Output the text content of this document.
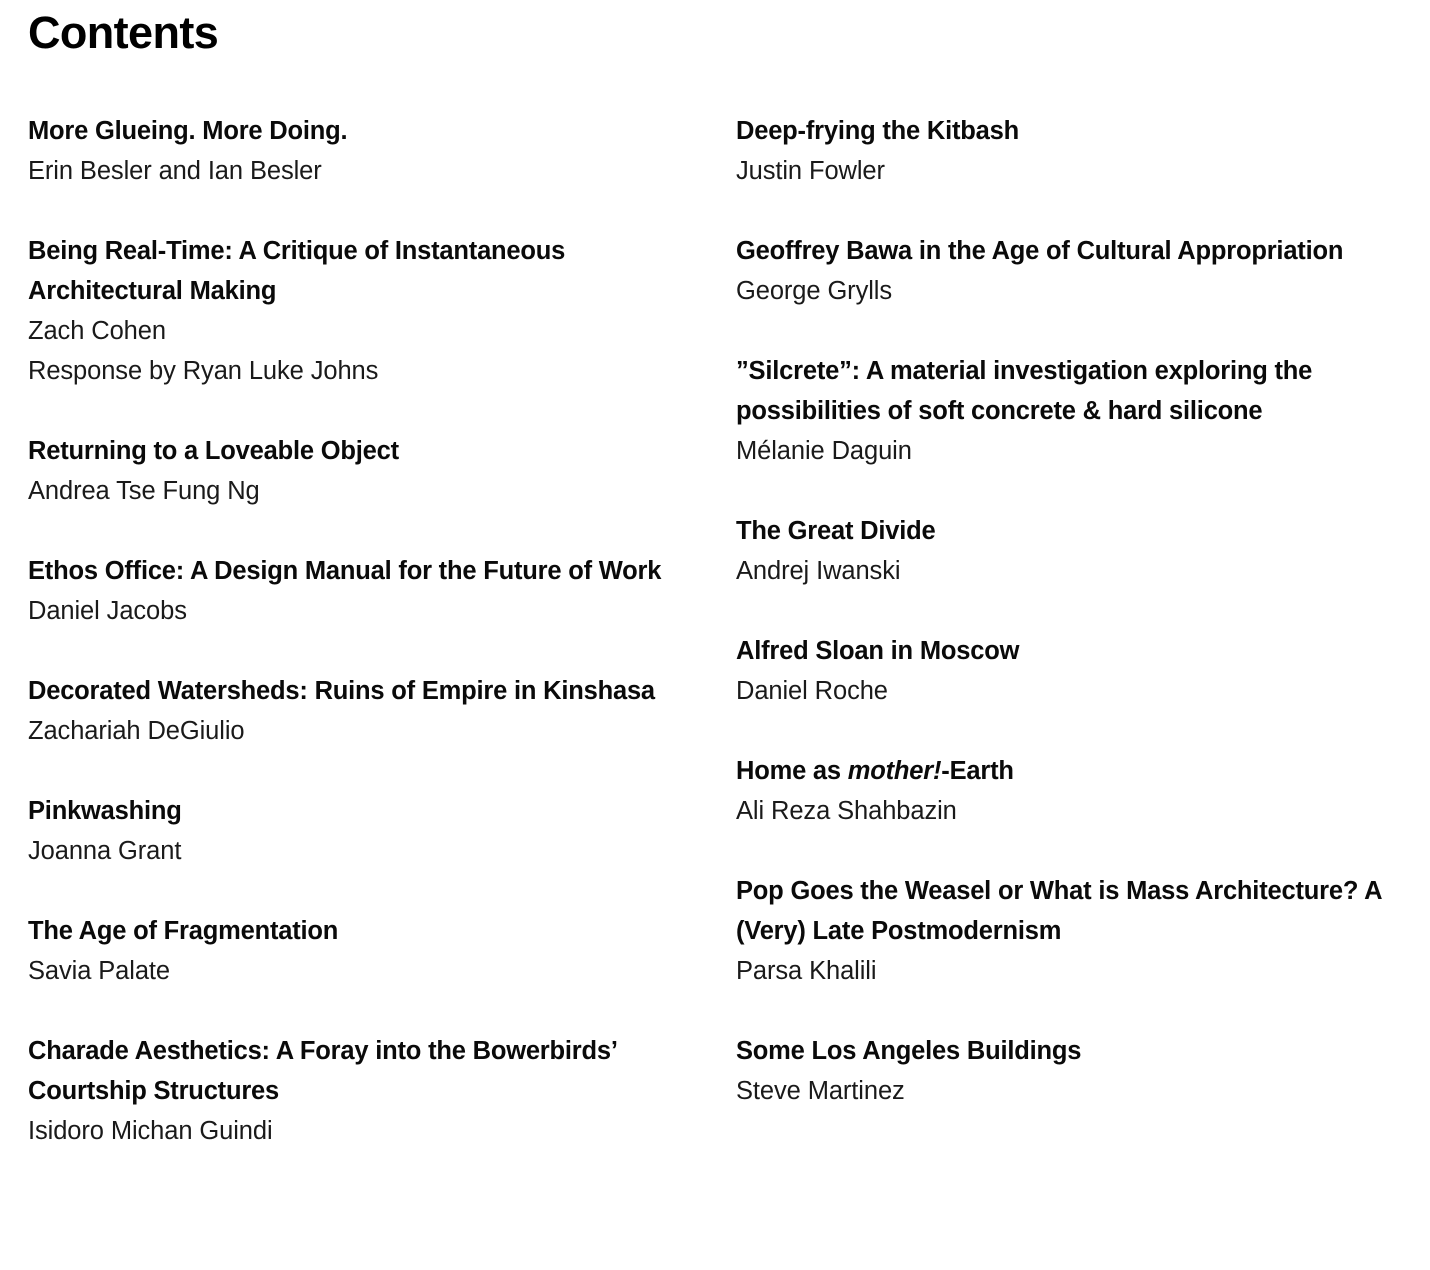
Contents
More Glueing. More Doing.
Erin Besler and Ian Besler
Being Real-Time: A Critique of Instantaneous Architectural Making
Zach Cohen
Response by Ryan Luke Johns
Returning to a Loveable Object
Andrea Tse Fung Ng
Ethos Office: A Design Manual for the Future of Work
Daniel Jacobs
Decorated Watersheds: Ruins of Empire in Kinshasa
Zachariah DeGiulio
Pinkwashing
Joanna Grant
The Age of Fragmentation
Savia Palate
Charade Aesthetics: A Foray into the Bowerbirds’ Courtship Structures
Isidoro Michan Guindi
Deep-frying the Kitbash
Justin Fowler
Geoffrey Bawa in the Age of Cultural Appropriation
George Grylls
”Silcrete”: A material investigation exploring the possibilities of soft concrete & hard silicone
Mélanie Daguin
The Great Divide
Andrej Iwanski
Alfred Sloan in Moscow
Daniel Roche
Home as mother!-Earth
Ali Reza Shahbazin
Pop Goes the Weasel or What is Mass Architecture? A (Very) Late Postmodernism
Parsa Khalili
Some Los Angeles Buildings
Steve Martinez
